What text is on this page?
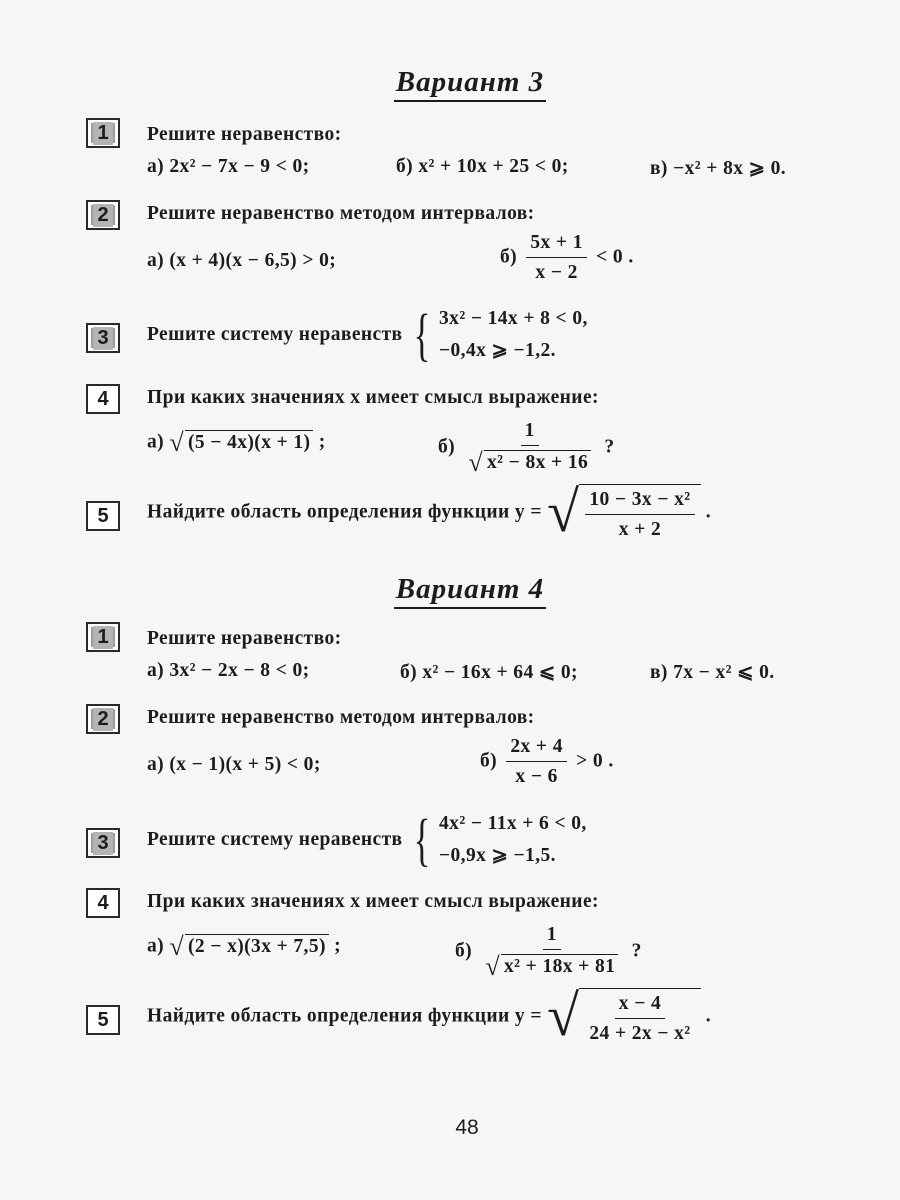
Вариант 3
1 Решите неравенство:
а) 2x² − 7x − 9 < 0;	б) x² + 10x + 25 < 0;	в) −x² + 8x ⩾ 0.
2 Решите неравенство методом интервалов:
а) (x + 4)(x − 6,5) > 0;	$б) \frac{5x + 1}{x - 2} < 0$ .
3 Решите систему неравенств { 3x² − 14x + 8 < 0,
−0,4x ⩾ −1,2.
4 При каких значениях x имеет смысл выражение:
а) √ (5 − 4x)(x + 1) ;	$б) \frac{1}{\text{√ x² − 8x + 16}}$ ?
5 Найдите область определения функции y = √ $\frac{\text{10 − 3x − x²}}{x + 2}$ .
Вариант 4
1 Решите неравенство:
а) 3x² − 2x − 8 < 0;	б) x² − 16x + 64 ⩽ 0;	в) 7x − x² ⩽ 0.
2 Решите неравенство методом интервалов:
а) (x − 1)(x + 5) < 0;	$б) \frac{2x + 4}{x - 6} > 0$ .
3 Решите систему неравенств { 4x² − 11x + 6 < 0,
−0,9x ⩾ −1,5.
4 При каких значениях x имеет смысл выражение:
а) √ (2 − x)(3x + 7,5) ;	$б) \frac{1}{\text{√ x² + 18x + 81}}$ ?
5 Найдите область определения функции y = √ $\frac{x - 4}{\text{24 + 2x − x²}}$ .
48
